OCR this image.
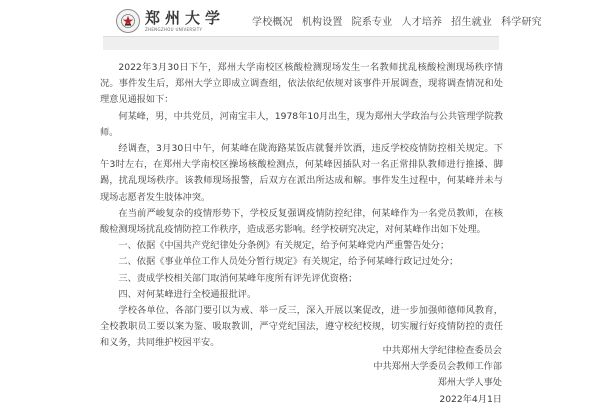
郑州大学
ZHENGZHOU UNIVERSITY
学校概况 机构设置 院系专业 人才培养 招生就业 科学研究

2022年3月30日下午，郑州大学南校区核酸检测现场发生一名教师扰乱核酸检测现场秩序情况。事件发生后，郑州大学立即成立调查组，依法依纪依规对该事件开展调查，现将调查情况和处理意见通报如下：

何某峰，男，中共党员，河南宝丰人，1978年10月出生，现为郑州大学政治与公共管理学院教师。

经调查，3月30日中午，何某峰在陇海路某饭店就餐并饮酒，违反学校疫情防控相关规定。下午3时左右，在郑州大学南校区操场核酸检测点，何某峰因插队对一名正常排队教师进行推搡、脚踢，扰乱现场秩序。该教师现场报警，后双方在派出所达成和解。事件发生过程中，何某峰并未与现场志愿者发生肢体冲突。

在当前严峻复杂的疫情形势下，学校反复强调疫情防控纪律，何某峰作为一名党员教师，在核酸检测现场扰乱疫情防控工作秩序，造成恶劣影响。经学校研究决定，对何某峰作出如下处理。

一、依据《中国共产党纪律处分条例》有关规定，给予何某峰党内严重警告处分；

二、依据《事业单位工作人员处分暂行规定》有关规定，给予何某峰行政记过处分；

三、责成学校相关部门取消何某峰年度所有评先评优资格；

四、对何某峰进行全校通报批评。

学校各单位、各部门要引以为戒、举一反三，深入开展以案促改，进一步加强师德师风教育，全校教职员工要以案为鉴、吸取教训，严守党纪国法，遵守校纪校规，切实履行好疫情防控的责任和义务，共同维护校园平安。

中共郑州大学纪律检查委员会
中共郑州大学委员会教师工作部
郑州大学人事处
2022年4月1日
